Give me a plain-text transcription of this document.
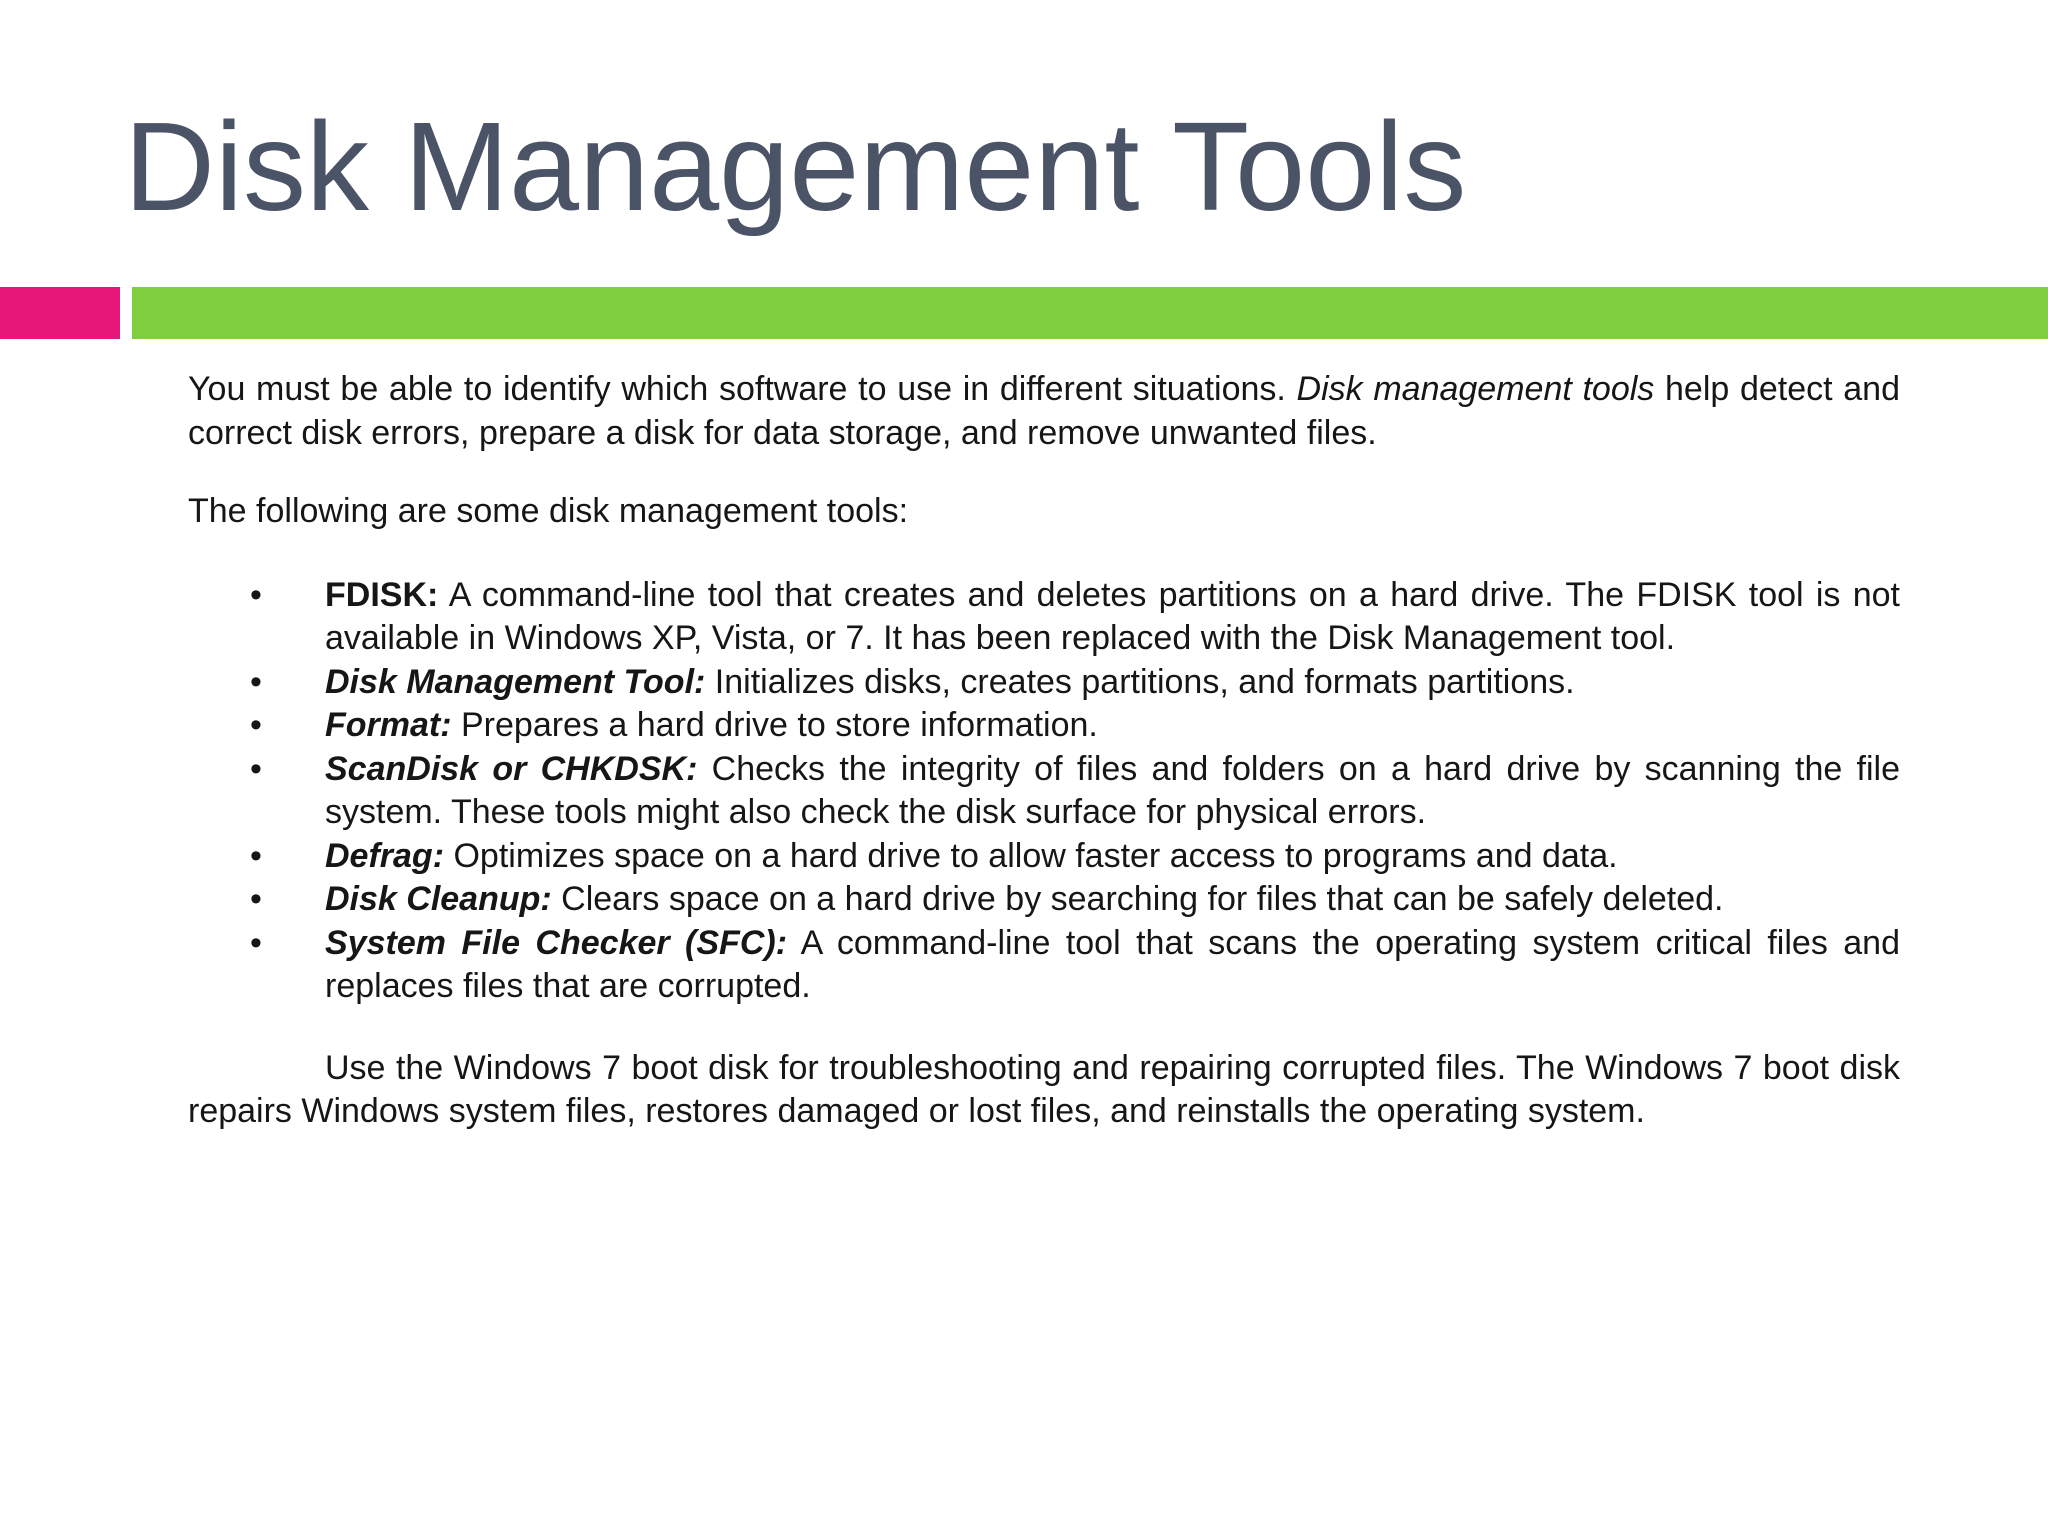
Disk Management Tools

You must be able to identify which software to use in different situations. Disk management tools help detect and correct disk errors, prepare a disk for data storage, and remove unwanted files.

The following are some disk management tools:

• FDISK: A command-line tool that creates and deletes partitions on a hard drive. The FDISK tool is not available in Windows XP, Vista, or 7. It has been replaced with the Disk Management tool.
• Disk Management Tool: Initializes disks, creates partitions, and formats partitions.
• Format: Prepares a hard drive to store information.
• ScanDisk or CHKDSK: Checks the integrity of files and folders on a hard drive by scanning the file system. These tools might also check the disk surface for physical errors.
• Defrag: Optimizes space on a hard drive to allow faster access to programs and data.
• Disk Cleanup: Clears space on a hard drive by searching for files that can be safely deleted.
• System File Checker (SFC): A command-line tool that scans the operating system critical files and replaces files that are corrupted.

Use the Windows 7 boot disk for troubleshooting and repairing corrupted files. The Windows 7 boot disk repairs Windows system files, restores damaged or lost files, and reinstalls the operating system.
